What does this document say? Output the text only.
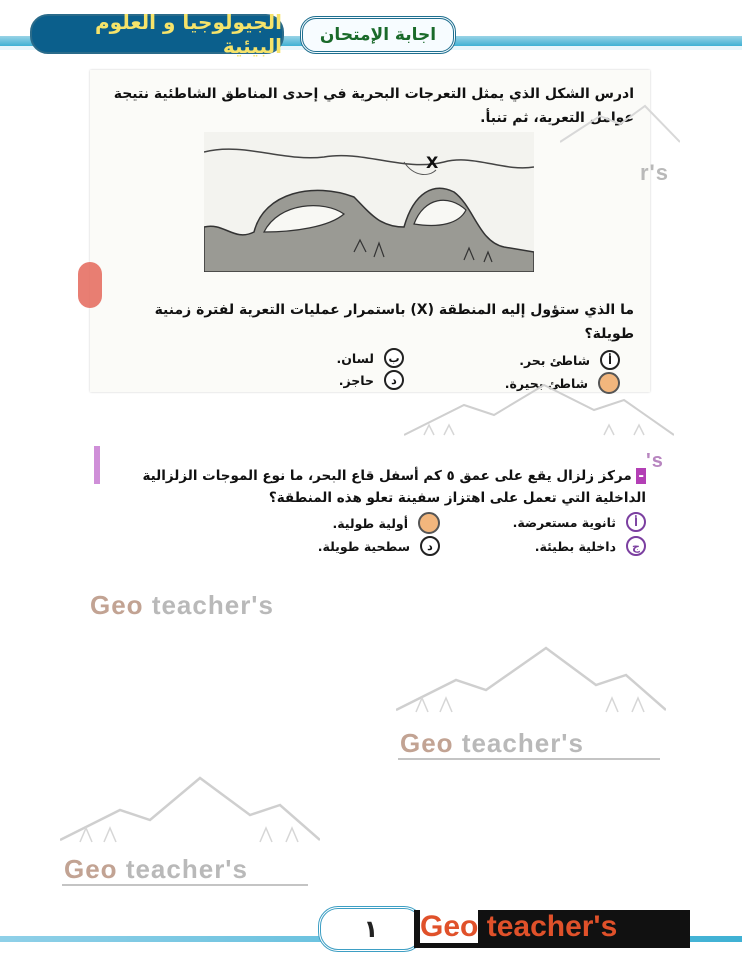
الجيولوجيا و العلوم البيئية	اجابة الإمتحان
ادرس الشكل الذي يمثل التعرجات البحرية في إحدى المناطق الشاطئية نتيجة
عوامل التعرية، ثم تنبأ.
X
ما الذي ستؤول إليه المنطقة (X) باستمرار عمليات التعرية لفترة زمنية
طويلة؟
أ
شاطئ بحر.
ب
لسان.
شاطئ بحيرة.
د
حاجز.
r's
- مركز زلزال يقع على عمق ٥ كم أسفل قاع البحر، ما نوع الموجات الزلزالية
الداخلية التي تعمل على اهتزاز سفينة تعلو هذه المنطقة؟
أ
ثانوية مستعرضة.
أولية طولية.
ج
داخلية بطيئة.
د
سطحية طويلة.
Geo teacher's
's
Geo teacher's
Geo teacher's
١	Geo teacher's
